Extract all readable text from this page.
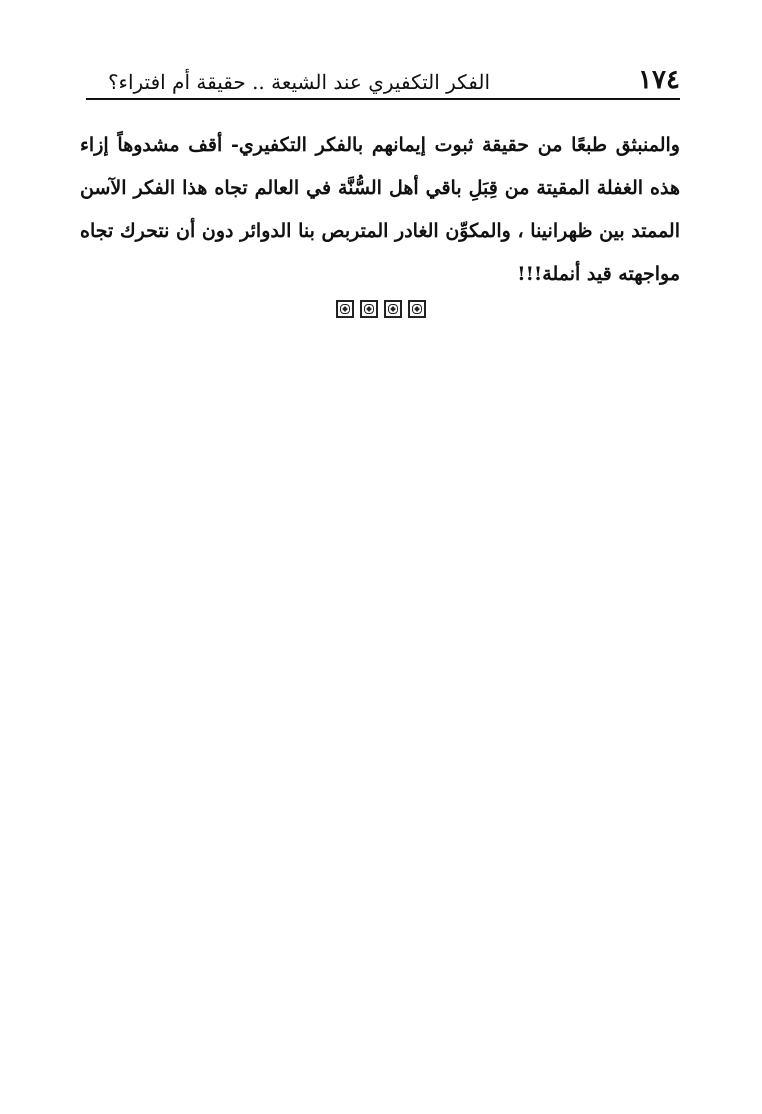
١٧٤
الفكر التكفيري عند الشيعة .. حقيقة أم افتراء؟

والمنبثق طبعًا من حقيقة ثبوت إيمانهم بالفكر التكفيري- أقف مشدوهاً إزاء هذه الغفلة المقيتة من قِبَلِ باقي أهل السُّنَّة في العالم تجاه هذا الفكر الآسن الممتد بين ظهرانينا ، والمكوِّن الغادر المتربص بنا الدوائر دون أن نتحرك تجاه مواجهته قيد أنملة!!!
